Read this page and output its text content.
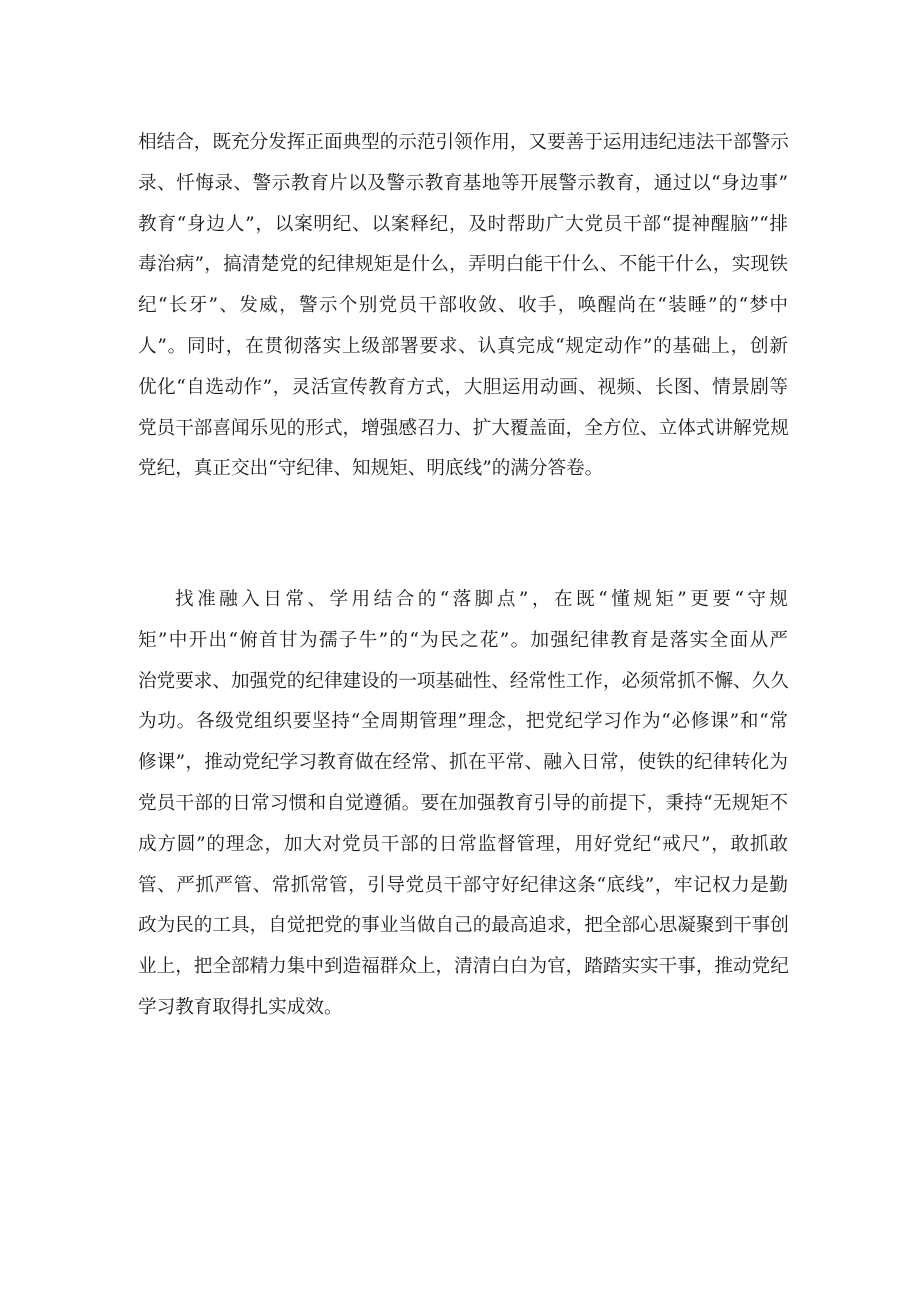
相结合，既充分发挥正面典型的示范引领作用，又要善于运用违纪违法干部警示
录、忏悔录、警示教育片以及警示教育基地等开展警示教育，通过以“身边事”
教育“身边人”，以案明纪、以案释纪，及时帮助广大党员干部“提神醒脑”“排
毒治病”，搞清楚党的纪律规矩是什么，弄明白能干什么、不能干什么，实现铁
纪“长牙”、发威，警示个别党员干部收敛、收手，唤醒尚在“装睡”的“梦中
人”。同时，在贯彻落实上级部署要求、认真完成“规定动作”的基础上，创新
优化“自选动作”，灵活宣传教育方式，大胆运用动画、视频、长图、情景剧等
党员干部喜闻乐见的形式，增强感召力、扩大覆盖面，全方位、立体式讲解党规
党纪，真正交出“守纪律、知规矩、明底线”的满分答卷。
找准融入日常、学用结合的“落脚点”，在既“懂规矩”更要“守规
矩”中开出“俯首甘为孺子牛”的“为民之花”。加强纪律教育是落实全面从严
治党要求、加强党的纪律建设的一项基础性、经常性工作，必须常抓不懈、久久
为功。各级党组织要坚持“全周期管理”理念，把党纪学习作为“必修课”和“常
修课”，推动党纪学习教育做在经常、抓在平常、融入日常，使铁的纪律转化为
党员干部的日常习惯和自觉遵循。要在加强教育引导的前提下，秉持“无规矩不
成方圆”的理念，加大对党员干部的日常监督管理，用好党纪“戒尺”，敢抓敢
管、严抓严管、常抓常管，引导党员干部守好纪律这条“底线”，牢记权力是勤
政为民的工具，自觉把党的事业当做自己的最高追求，把全部心思凝聚到干事创
业上，把全部精力集中到造福群众上，清清白白为官，踏踏实实干事，推动党纪
学习教育取得扎实成效。
